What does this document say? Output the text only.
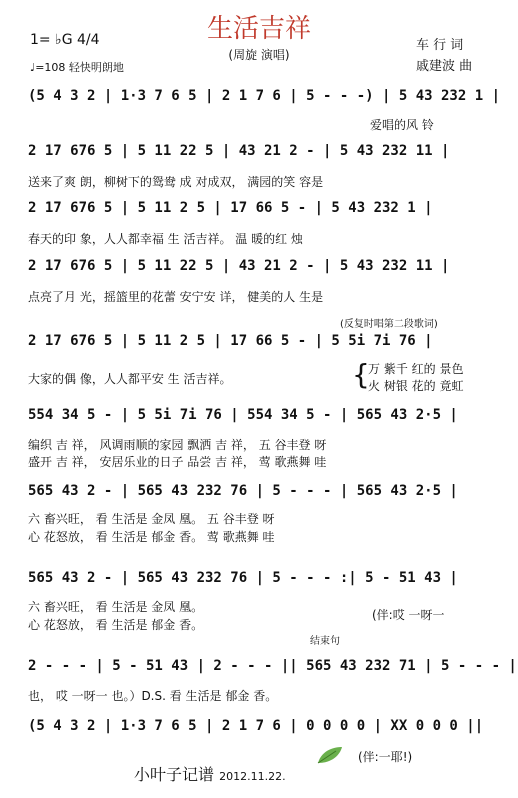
生活吉祥
(周旋 演唱)
1= ♭G 4/4
♩=108 轻快明朗地
车 行 词
戚建波 曲
(5 4 3 2 | 1·3 7 6 5 | 2 1 7 6 | 5 - - -) | 5 43 232 1 |
爱唱的风 铃
2 17 676 5 | 5 11 22 5 | 43 21 2 - | 5 43 232 11 |
送来了爽 朗，柳树下的鸳鸯 成 对成双， 满园的笑 容是
2 17 676 5 | 5 11 2 5 | 17 66 5 - | 5 43 232 1 |
春天的印 象，人人都幸福 生 活吉祥。 温 暖的红 烛
2 17 676 5 | 5 11 22 5 | 43 21 2 - | 5 43 232 11 |
点亮了月 光，摇篮里的花蕾 安宁安 详， 健美的人 生是
(反复时唱第二段歌词)
2 17 676 5 | 5 11 2 5 | 17 66 5 - | 5 5i 7i 76 |
大家的偶 像，人人都平安 生 活吉祥。	{
万 紫千 红的 景色
火 树银 花的 竟虹
554 34 5 - | 5 5i 7i 76 | 554 34 5 - | 565 43 2·5 |
编织 吉 祥， 风调雨顺的家园 飘洒 吉 祥， 五 谷丰登 呀
盛开 吉 祥， 安居乐业的日子 品尝 吉 祥， 莺 歌燕舞 哇
565 43 2 - | 565 43 232 76 | 5 - - - | 565 43 2·5 |
六 畜兴旺， 看 生活是 金凤 凰。 五 谷丰登 呀
心 花怒放， 看 生活是 郁金 香。 莺 歌燕舞 哇
565 43 2 - | 565 43 232 76 | 5 - - - :| 5 - 51 43 |
六 畜兴旺， 看 生活是 金凤 凰。
心 花怒放， 看 生活是 郁金 香。
(伴:哎 一呀一
结束句
2 - - - | 5 - 51 43 | 2 - - - || 565 43 232 71 | 5 - - - |
也， 哎 一呀一 也。）D.S. 看 生活是 郁金 香。
(5 4 3 2 | 1·3 7 6 5 | 2 1 7 6 | 0 0 0 0 | XX 0 0 0 ||
(伴:一耶!)
小叶子记谱 2012.11.22.
